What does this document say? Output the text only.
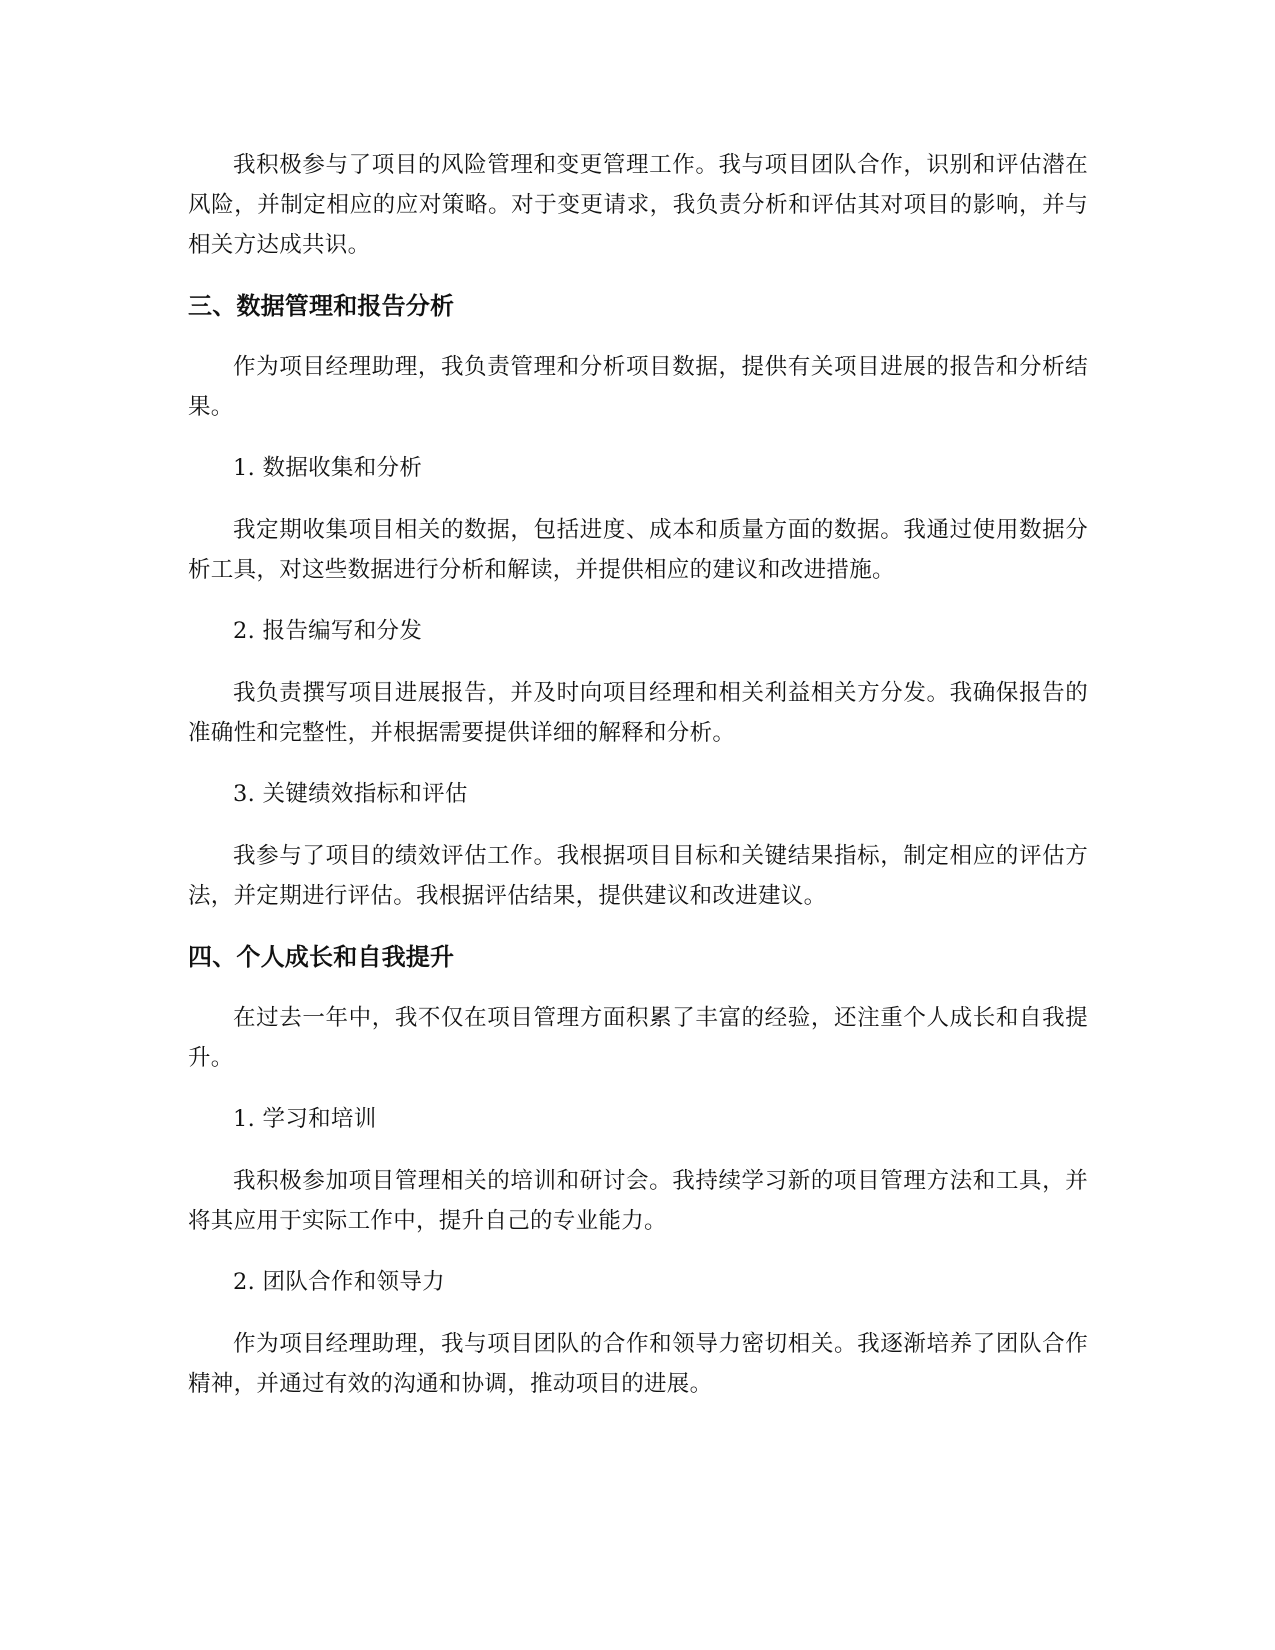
我积极参与了项目的风险管理和变更管理工作。我与项目团队合作，识别和评估潜在风险，并制定相应的应对策略。对于变更请求，我负责分析和评估其对项目的影响，并与相关方达成共识。

三、数据管理和报告分析

作为项目经理助理，我负责管理和分析项目数据，提供有关项目进展的报告和分析结果。

1. 数据收集和分析

我定期收集项目相关的数据，包括进度、成本和质量方面的数据。我通过使用数据分析工具，对这些数据进行分析和解读，并提供相应的建议和改进措施。

2. 报告编写和分发

我负责撰写项目进展报告，并及时向项目经理和相关利益相关方分发。我确保报告的准确性和完整性，并根据需要提供详细的解释和分析。

3. 关键绩效指标和评估

我参与了项目的绩效评估工作。我根据项目目标和关键结果指标，制定相应的评估方法，并定期进行评估。我根据评估结果，提供建议和改进建议。

四、个人成长和自我提升

在过去一年中，我不仅在项目管理方面积累了丰富的经验，还注重个人成长和自我提升。

1. 学习和培训

我积极参加项目管理相关的培训和研讨会。我持续学习新的项目管理方法和工具，并将其应用于实际工作中，提升自己的专业能力。

2. 团队合作和领导力

作为项目经理助理，我与项目团队的合作和领导力密切相关。我逐渐培养了团队合作精神，并通过有效的沟通和协调，推动项目的进展。
